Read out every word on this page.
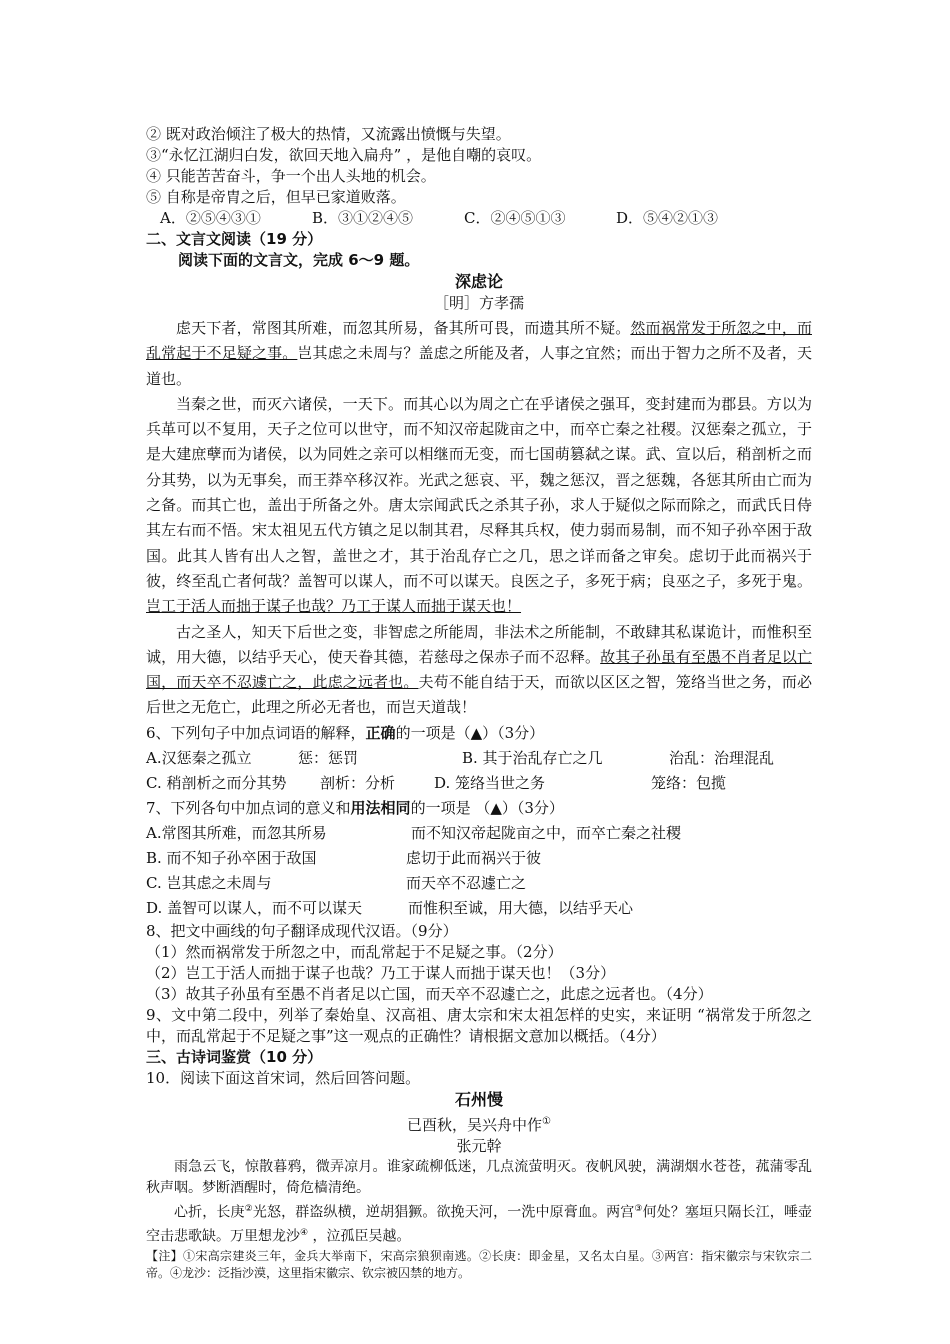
② 既对政治倾注了极大的热情，又流露出愤慨与失望。
③“永忆江湖归白发，欲回天地入扁舟” ，是他自嘲的哀叹。
④ 只能苦苦奋斗，争一个出人头地的机会。
⑤ 自称是帝胄之后，但早已家道败落。
A．②⑤④③①	B．③①②④⑤	C．②④⑤①③	D．⑤④②①③
二、文言文阅读（19 分）
阅读下面的文言文，完成 6～9 题。
深虑论
［明］方孝孺
虑天下者，常图其所难，而忽其所易，备其所可畏，而遗其所不疑。然而祸常发于所忽之中，而乱常起于不足疑之事。岂其虑之未周与？盖虑之所能及者，人事之宜然；而出于智力之所不及者，天道也。
当秦之世，而灭六诸侯，一天下。而其心以为周之亡在乎诸侯之强耳，变封建而为郡县。方以为兵革可以不复用，天子之位可以世守，而不知汉帝起陇亩之中，而卒亡秦之社稷。汉惩秦之孤立，于是大建庶孽而为诸侯，以为同姓之亲可以相继而无变，而七国萌篡弑之谋。武、宣以后，稍剖析之而分其势，以为无事矣，而王莽卒移汉祚。光武之惩哀、平，魏之惩汉，晋之惩魏，各惩其所由亡而为之备。而其亡也，盖出于所备之外。唐太宗闻武氏之杀其子孙，求人于疑似之际而除之，而武氏日侍其左右而不悟。宋太祖见五代方镇之足以制其君，尽释其兵权，使力弱而易制，而不知子孙卒困于敌国。此其人皆有出人之智，盖世之才，其于治乱存亡之几，思之详而备之审矣。虑切于此而祸兴于彼，终至乱亡者何哉？盖智可以谋人，而不可以谋天。良医之子，多死于病；良巫之子，多死于鬼。岂工于活人而拙于谋子也哉？乃工于谋人而拙于谋天也！
古之圣人，知天下后世之变，非智虑之所能周，非法术之所能制，不敢肆其私谋诡计，而惟积至诚，用大德，以结乎天心，使天眷其德，若慈母之保赤子而不忍释。故其子孙虽有至愚不肖者足以亡国，而天卒不忍遽亡之，此虑之远者也。夫苟不能自结于天，而欲以区区之智，笼络当世之务，而必后世之无危亡，此理之所必无者也，而岂天道哉！
6、下列句子中加点词语的解释，正确的一项是（▲）（3分）
A.汉惩秦之孤立	惩：惩罚	B. 其于治乱存亡之几	治乱：治理混乱
C. 稍剖析之而分其势 剖析：分析	D. 笼络当世之务	笼络：包揽
7、下列各句中加点词的意义和用法相同的一项是 （▲）（3分）
A.常图其所难，而忽其所易	而不知汉帝起陇亩之中，而卒亡秦之社稷
B. 而不知子孙卒困于敌国	虑切于此而祸兴于彼
C. 岂其虑之未周与	而天卒不忍遽亡之
D. 盖智可以谋人，而不可以谋天	而惟积至诚，用大德，以结乎天心
8、把文中画线的句子翻译成现代汉语。（9分）
（1）然而祸常发于所忽之中，而乱常起于不足疑之事。（2分）
（2）岂工于活人而拙于谋子也哉？乃工于谋人而拙于谋天也！（3分）
（3）故其子孙虽有至愚不肖者足以亡国，而天卒不忍遽亡之，此虑之远者也。（4分）
9、文中第二段中，列举了秦始皇、汉高祖、唐太宗和宋太祖怎样的史实，来证明 “祸常发于所忽之中，而乱常起于不足疑之事”这一观点的正确性？请根据文意加以概括。（4分）
三、古诗词鉴赏（10 分）
10．阅读下面这首宋词，然后回答问题。
石州慢
已酉秋，吴兴舟中作①
张元幹
雨急云飞，惊散暮鸦，微弄凉月。谁家疏柳低迷，几点流萤明灭。夜帆风驶，满湖烟水苍苍，菰蒲零乱秋声咽。梦断酒醒时，倚危樯清绝。
心折，长庚②光怒，群盗纵横，逆胡猖獗。欲挽天河，一洗中原膏血。两宫③何处？塞垣只隔长江，唾壶空击悲歌缺。万里想龙沙④ ，泣孤臣吴越。
【注】①宋高宗建炎三年，金兵大举南下，宋高宗狼狈南逃。②长庚：即金星，又名太白星。③两宫：指宋徽宗与宋钦宗二帝。④龙沙：泛指沙漠，这里指宋徽宗、钦宗被囚禁的地方。
